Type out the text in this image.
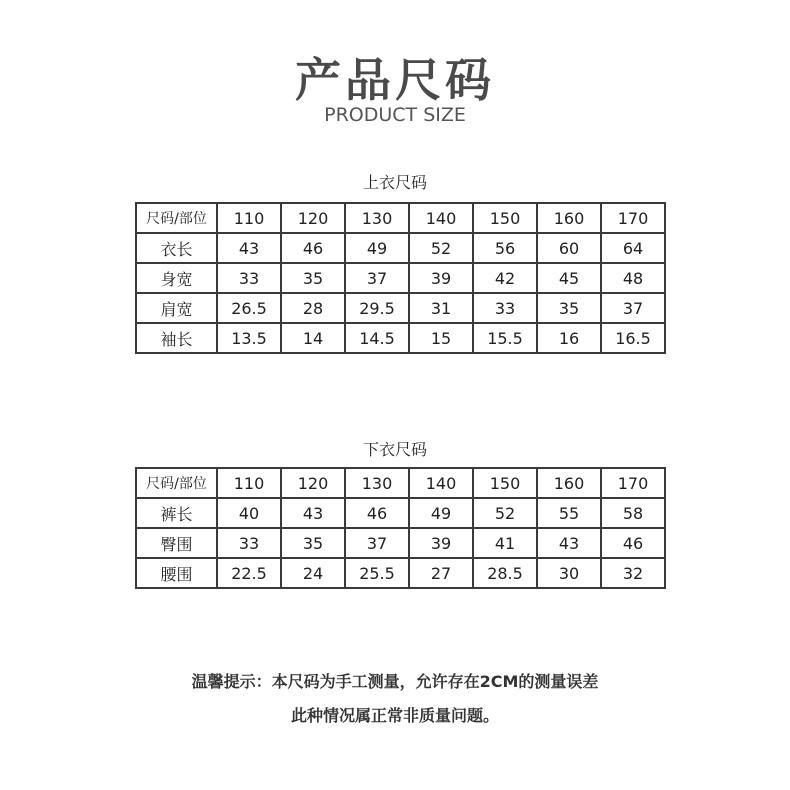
产品尺码
PRODUCT SIZE
上衣尺码
尺码/部位	110	120	130	140	150	160	170
衣长	43	46	49	52	56	60	64
身宽	33	35	37	39	42	45	48
肩宽	26.5	28	29.5	31	33	35	37
袖长	13.5	14	14.5	15	15.5	16	16.5
下衣尺码
尺码/部位	110	120	130	140	150	160	170
裤长	40	43	46	49	52	55	58
臀围	33	35	37	39	41	43	46
腰围	22.5	24	25.5	27	28.5	30	32
温馨提示：本尺码为手工测量，允许存在2CM的测量误差
此种情况属正常非质量问题。
